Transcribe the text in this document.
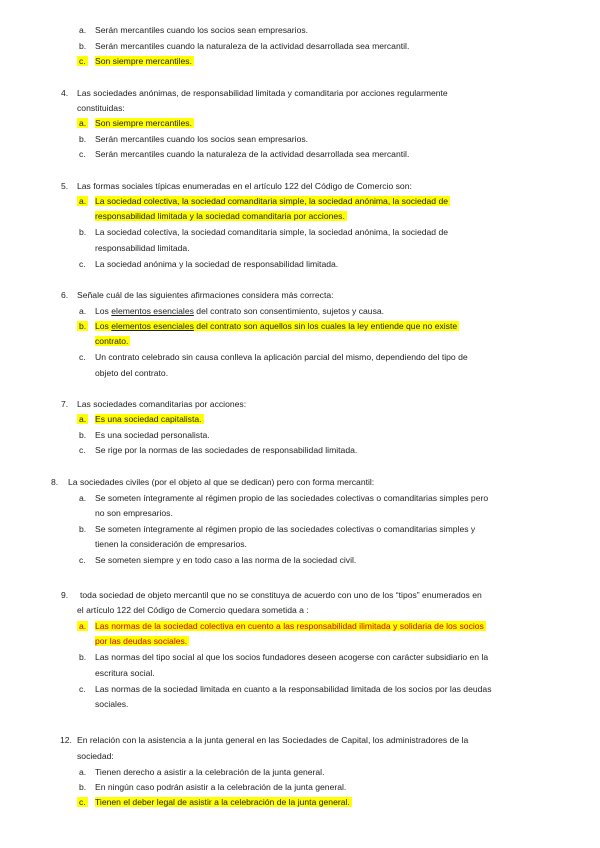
a. Serán mercantiles cuando los socios sean empresarios.
b. Serán mercantiles cuando la naturaleza de la actividad desarrollada sea mercantil.
c. Son siempre mercantiles.
4. Las sociedades anónimas, de responsabilidad limitada y comanditaria por acciones regularmente
constituidas:
a. Son siempre mercantiles.
b. Serán mercantiles cuando los socios sean empresarios.
c. Serán mercantiles cuando la naturaleza de la actividad desarrollada sea mercantil.
5. Las formas sociales típicas enumeradas en el artículo 122 del Código de Comercio son:
a. La sociedad colectiva, la sociedad comanditaria simple, la sociedad anónima, la sociedad de
responsabilidad limitada y la sociedad comanditaria por acciones.
b. La sociedad colectiva, la sociedad comanditaria simple, la sociedad anónima, la sociedad de
responsabilidad limitada.
c. La sociedad anónima y la sociedad de responsabilidad limitada.
6. Señale cuál de las siguientes afirmaciones considera más correcta:
a. Los elementos esenciales del contrato son consentimiento, sujetos y causa.
b. Los elementos esenciales del contrato son aquellos sin los cuales la ley entiende que no existe
contrato.
c. Un contrato celebrado sin causa conlleva la aplicación parcial del mismo, dependiendo del tipo de
objeto del contrato.
7. Las sociedades comanditarias por acciones:
a. Es una sociedad capitalista.
b. Es una sociedad personalista.
c. Se rige por la normas de las sociedades de responsabilidad limitada.
8. La sociedades civiles (por el objeto al que se dedican) pero con forma mercantil:
a. Se someten íntegramente al régimen propio de las sociedades colectivas o comanditarias simples pero
no son empresarios.
b. Se someten íntegramente al régimen propio de las sociedades colectivas o comanditarias simples y
tienen la consideración de empresarios.
c. Se someten siempre y en todo caso a las norma de la sociedad civil.
9. toda sociedad de objeto mercantil que no se constituya de acuerdo con uno de los “tipos” enumerados en
el artículo 122 del Código de Comercio quedara sometida a :
a. Las normas de la sociedad colectiva en cuento a las responsabilidad ilimitada y solidaria de los socios
por las deudas sociales.
b. Las normas del tipo social al que los socios fundadores deseen acogerse con carácter subsidiario en la
escritura social.
c. Las normas de la sociedad limitada en cuanto a la responsabilidad limitada de los socios por las deudas
sociales.
12. En relación con la asistencia a la junta general en las Sociedades de Capital, los administradores de la
sociedad:
a. Tienen derecho a asistir a la celebración de la junta general.
b. En ningún caso podrán asistir a la celebración de la junta general.
c. Tienen el deber legal de asistir a la celebración de la junta general.
